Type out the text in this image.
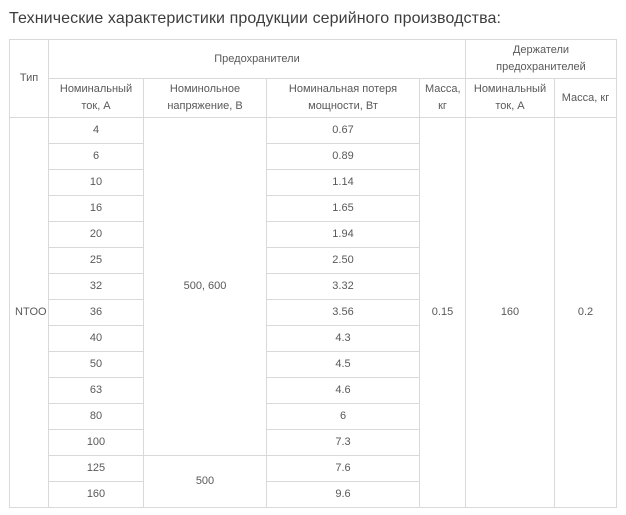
Технические характеристики продукции серийного производства:
Тип	Предохранители				Держатели предохранителей	
	Номинальный ток, А	Номинольное напряжение, В	Номинальная потеря мощности, Вт	Масса, кг	Номинальный ток, А	Масса, кг
NTOO	4	500, 600	0.67	0.15	160	0.2
	6		0.89			
	10		1.14			
	16		1.65			
	20		1.94			
	25		2.50			
	32		3.32			
	36		3.56			
	40		4.3			
	50		4.5			
	63		4.6			
	80		6			
	100		7.3			
	125	500	7.6			
	160		9.6			
